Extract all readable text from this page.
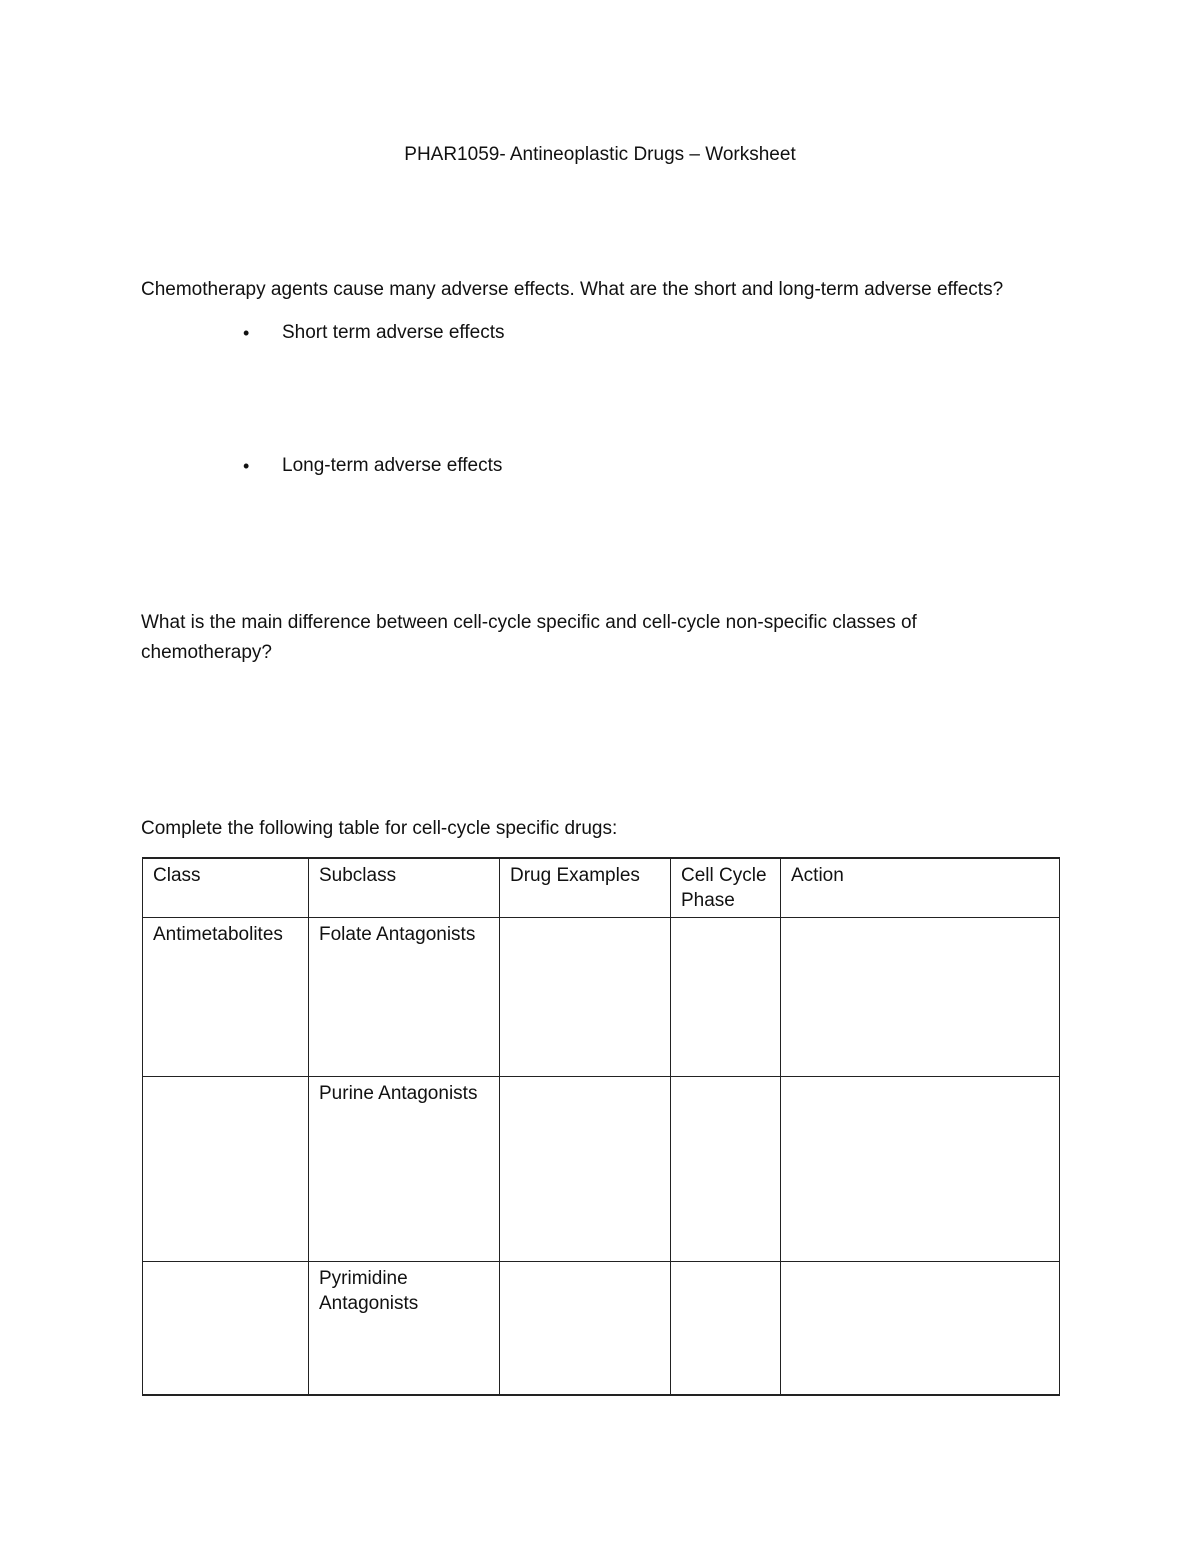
PHAR1059- Antineoplastic Drugs – Worksheet
Chemotherapy agents cause many adverse effects. What are the short and long-term adverse effects?
• Short term adverse effects
• Long-term adverse effects
What is the main difference between cell-cycle specific and cell-cycle non-specific classes of chemotherapy?
Complete the following table for cell-cycle specific drugs:
Class	Subclass	Drug Examples	Cell Cycle Phase	Action
Antimetabolites	Folate Antagonists			
	Purine Antagonists			
	Pyrimidine Antagonists			
